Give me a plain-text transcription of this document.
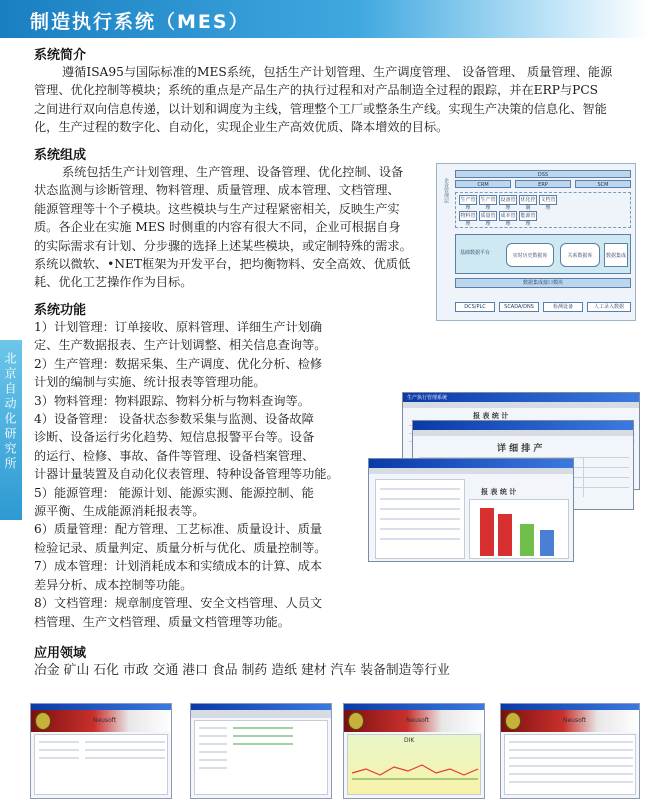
制造执行系统（MES）
北京自动化研究所
系统简介
遵循ISA95与国际标准的MES系统，包括生产计划管理、生产调度管理、 设备管理、 质量管理、能源
管理、优化控制等模块；系统的重点是产品生产的执行过程和对产品制造全过程的跟踪，并在ERP与PCS
之间进行双向信息传递，以计划和调度为主线，管理整个工厂或整条生产线。实现生产决策的信息化、智能
化，生产过程的数字化、自动化，实现企业生产高效优质、降本增效的目标。
系统组成
系统包括生产计划管理、生产管理、设备管理、优化控制、设备
状态监测与诊断管理、物料管理、质量管理、成本管理、文档管理、
能源管理等十个子模块。这些模块与生产过程紧密相关，反映生产实
质。各企业在实施 MES 时侧重的内容有很大不同，企业可根据自身
的实际需求有计划、分步骤的选择上述某些模块，或定制特殊的需求。
系统以微软、•NET框架为开发平台，把均衡物料、安全高效、优质低
耗、优化工艺操作作为目标。
企业管理层
DSS
CRM	ERP	SCM
生产管理
生产管理
设备管理
优化控制
文档管理
物料管理
质量管理
成本管理
能源管理
基础数据平台	实时历史数据库	关系数据库	数据集成
数据集成接口模块
DCS/PLC	SCADA/DNS	检测设备	人工录入数据
系统功能
1）计划管理：订单接收、原料管理、详细生产计划确
定、生产数据报表、生产计划调整、相关信息查询等。
2）生产管理：数据采集、生产调度、优化分析、检修
计划的编制与实施、统计报表等管理功能。
3）物料管理：物料跟踪、物料分析与物料查询等。
4）设备管理： 设备状态参数采集与监测、设备故障
诊断、设备运行劣化趋势、短信息报警平台等。设备
的运行、检修、事故、备件等管理、设备档案管理、
计器计量装置及自动化仪表管理、特种设备管理等功能。
5）能源管理： 能源计划、能源实测、能源控制、能
源平衡、生成能源消耗报表等。
6）质量管理：配方管理、工艺标准、质量设计、质量
检验记录、质量判定、质量分析与优化、质量控制等。
7）成本管理：计划消耗成本和实绩成本的计算、成本
差异分析、成本控制等功能。
8）文档管理：规章制度管理、安全文档管理、人员文
档管理、生产文档管理、质量文档管理等功能。
生产执行管理系统
报 表 统 计
详 细 排 产
报 表 统 计
应用领域
冶金 矿山 石化 市政 交通 港口 食品 制药 造纸 建材 汽车 装备制造等行业
Neusoft	Neusoft
DIK
Neusoft
